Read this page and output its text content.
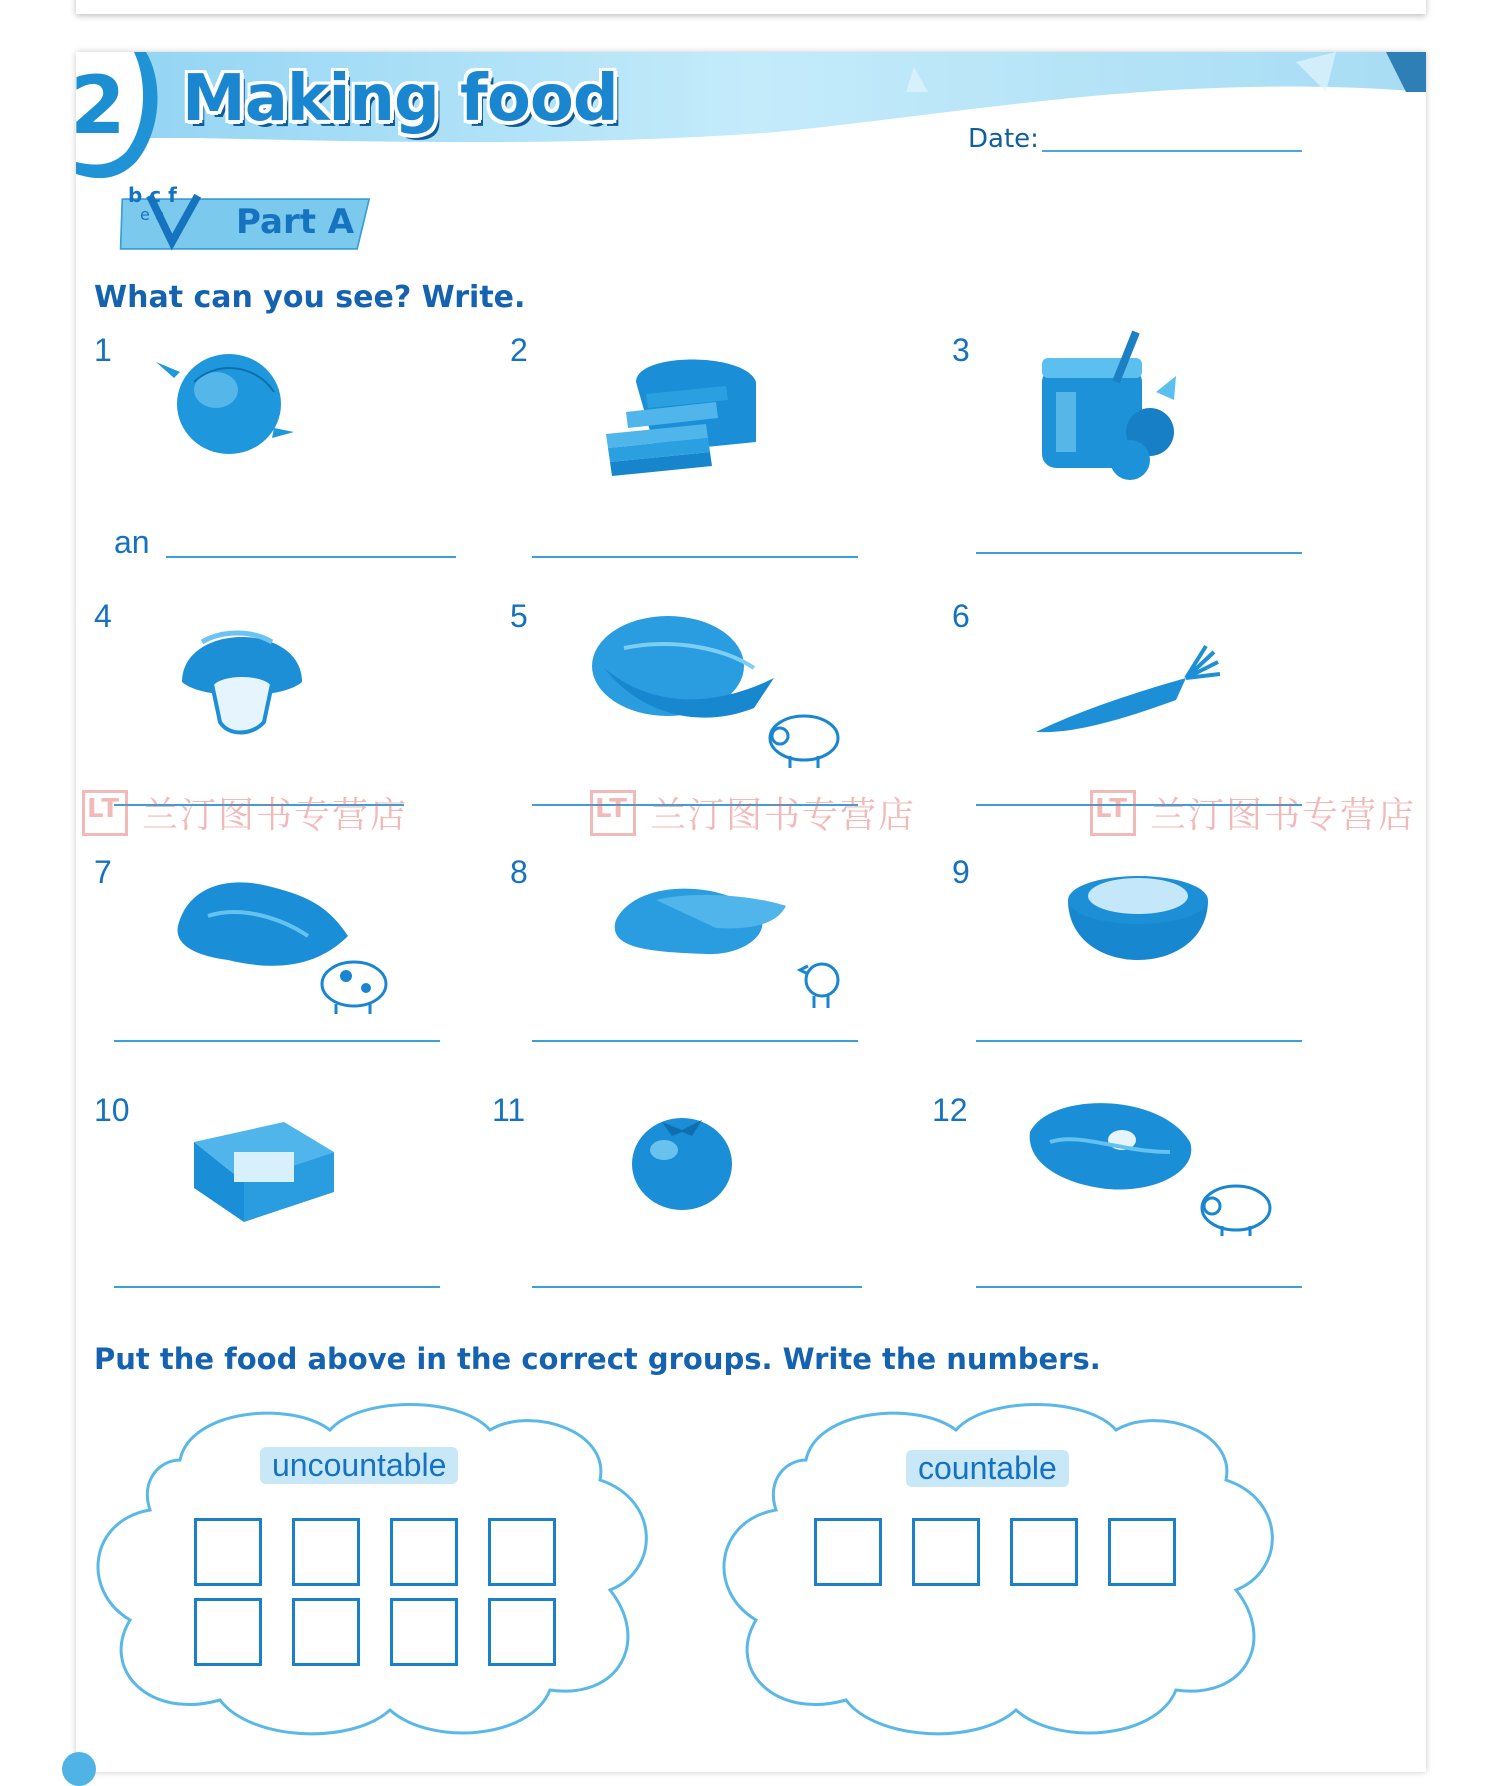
2 Making food
Date:
b c f
e a Part A
What can you see? Write.
1	2	3
4	5	6
7	8	9
10	11	12
an
LT
兰汀图书专营店 LT	兰汀图书专营店 LT	兰汀图书专营店
Put the food above in the correct groups. Write the numbers.
uncountable	countable
